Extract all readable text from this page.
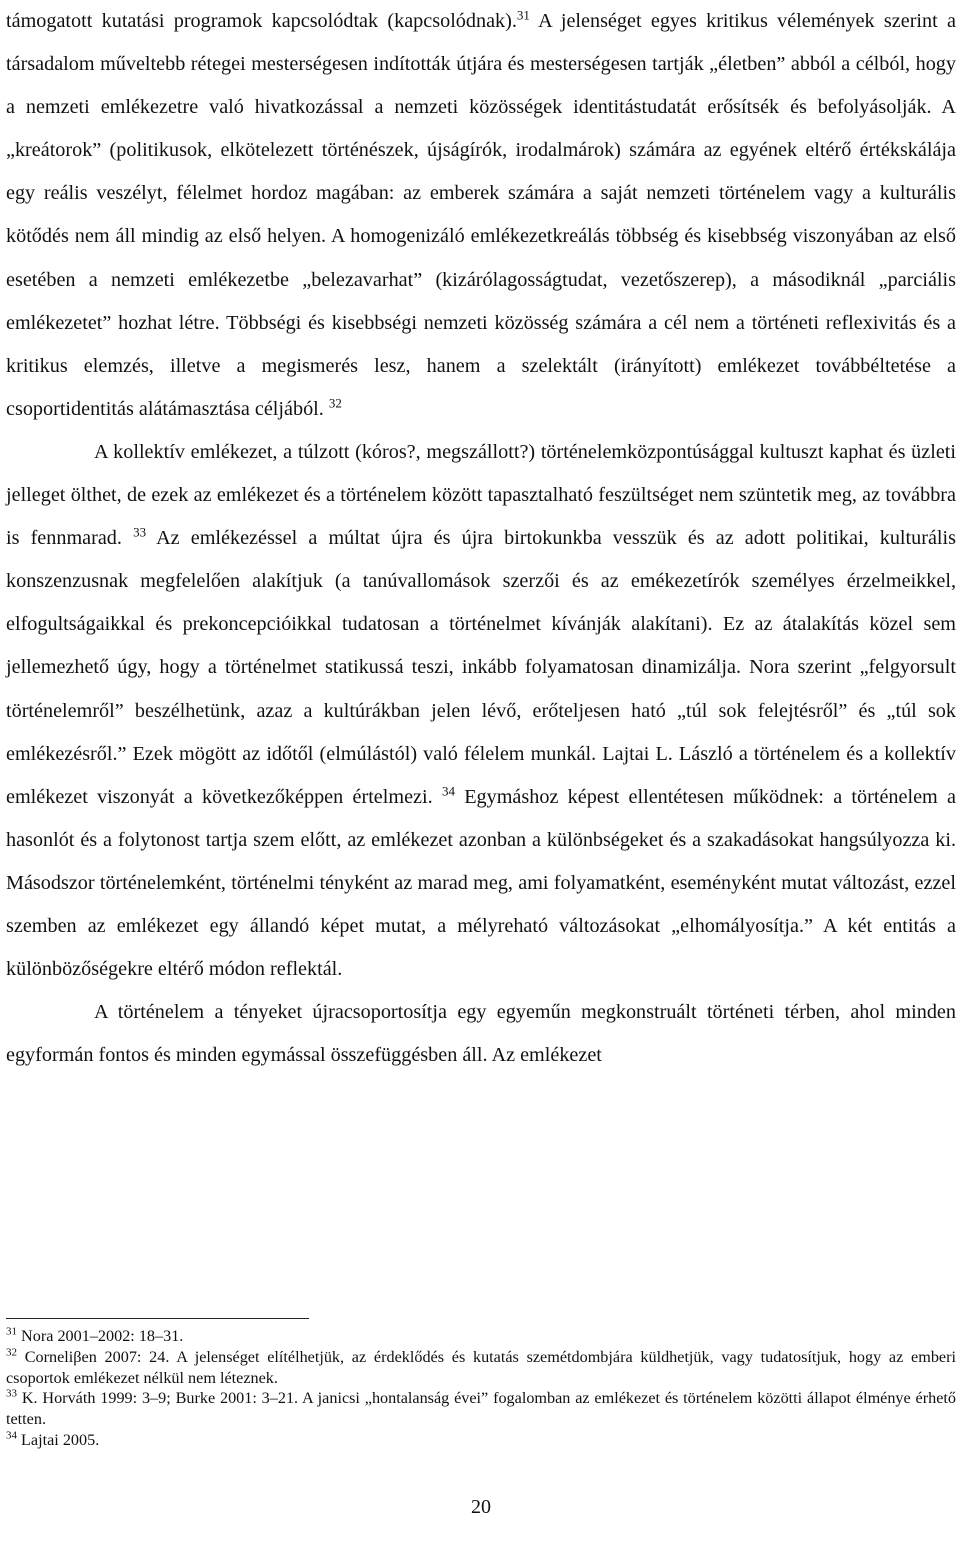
támogatott kutatási programok kapcsolódtak (kapcsolódnak).$^{31}$ A jelenséget egyes kritikus vélemények szerint a társadalom műveltebb rétegei mesterségesen indították útjára és mesterségesen tartják „életben” abból a célból, hogy a nemzeti emlékezetre való hivatkozással a nemzeti közösségek identitástudatát erősítsék és befolyásolják. A „kreátorok” (politikusok, elkötelezett történészek, újságírók, irodalmárok) számára az egyének eltérő értékskálája egy reális veszélyt, félelmet hordoz magában: az emberek számára a saját nemzeti történelem vagy a kulturális kötődés nem áll mindig az első helyen. A homogenizáló emlékezetkreálás többség és kisebbség viszonyában az első esetében a nemzeti emlékezetbe „belezavarhat” (kizárólagosságtudat, vezetőszerep), a másodiknál „parciális emlékezetet” hozhat létre. Többségi és kisebbségi nemzeti közösség számára a cél nem a történeti reflexivitás és a kritikus elemzés, illetve a megismerés lesz, hanem a szelektált (irányított) emlékezet továbbéltetése a csoportidentitás alátámasztása céljából. $^{32}$
A kollektív emlékezet, a túlzott (kóros?, megszállott?) történelemközpontúsággal kultuszt kaphat és üzleti jelleget ölthet, de ezek az emlékezet és a történelem között tapasztalható feszültséget nem szüntetik meg, az továbbra is fennmarad. $^{33}$ Az emlékezéssel a múltat újra és újra birtokunkba vesszük és az adott politikai, kulturális konszenzusnak megfelelően alakítjuk (a tanúvallomások szerzői és az emékezetírók személyes érzelmeikkel, elfogultságaikkal és prekoncepcióikkal tudatosan a történelmet kívánják alakítani). Ez az átalakítás közel sem jellemezhető úgy, hogy a történelmet statikussá teszi, inkább folyamatosan dinamizálja. Nora szerint „felgyorsult történelemről” beszélhetünk, azaz a kultúrákban jelen lévő, erőteljesen ható „túl sok felejtésről” és „túl sok emlékezésről.” Ezek mögött az időtől (elmúlástól) való félelem munkál. Lajtai L. László a történelem és a kollektív emlékezet viszonyát a következőképpen értelmezi. $^{34}$ Egymáshoz képest ellentétesen működnek: a történelem a hasonlót és a folytonost tartja szem előtt, az emlékezet azonban a különbségeket és a szakadásokat hangsúlyozza ki. Másodszor történelemként, történelmi tényként az marad meg, ami folyamatként, eseményként mutat változást, ezzel szemben az emlékezet egy állandó képet mutat, a mélyreható változásokat „elhomályosítja.” A két entitás a különbözőségekre eltérő módon reflektál.
A történelem a tényeket újracsoportosítja egy egyeműn megkonstruált történeti térben, ahol minden egyformán fontos és minden egymással összefüggésben áll. Az emlékezet

$^{31}$ Nora 2001–2002: 18–31.

$^{32}$ Corneliβen 2007: 24. A jelenséget elítélhetjük, az érdeklődés és kutatás szemétdombjára küldhetjük, vagy tudatosítjuk, hogy az emberi csoportok emlékezet nélkül nem léteznek.

$^{33}$ K. Horváth 1999: 3–9; Burke 2001: 3–21. A janicsi „hontalanság évei” fogalomban az emlékezet és történelem közötti állapot élménye érhető tetten.

$^{34}$ Lajtai 2005.

20
